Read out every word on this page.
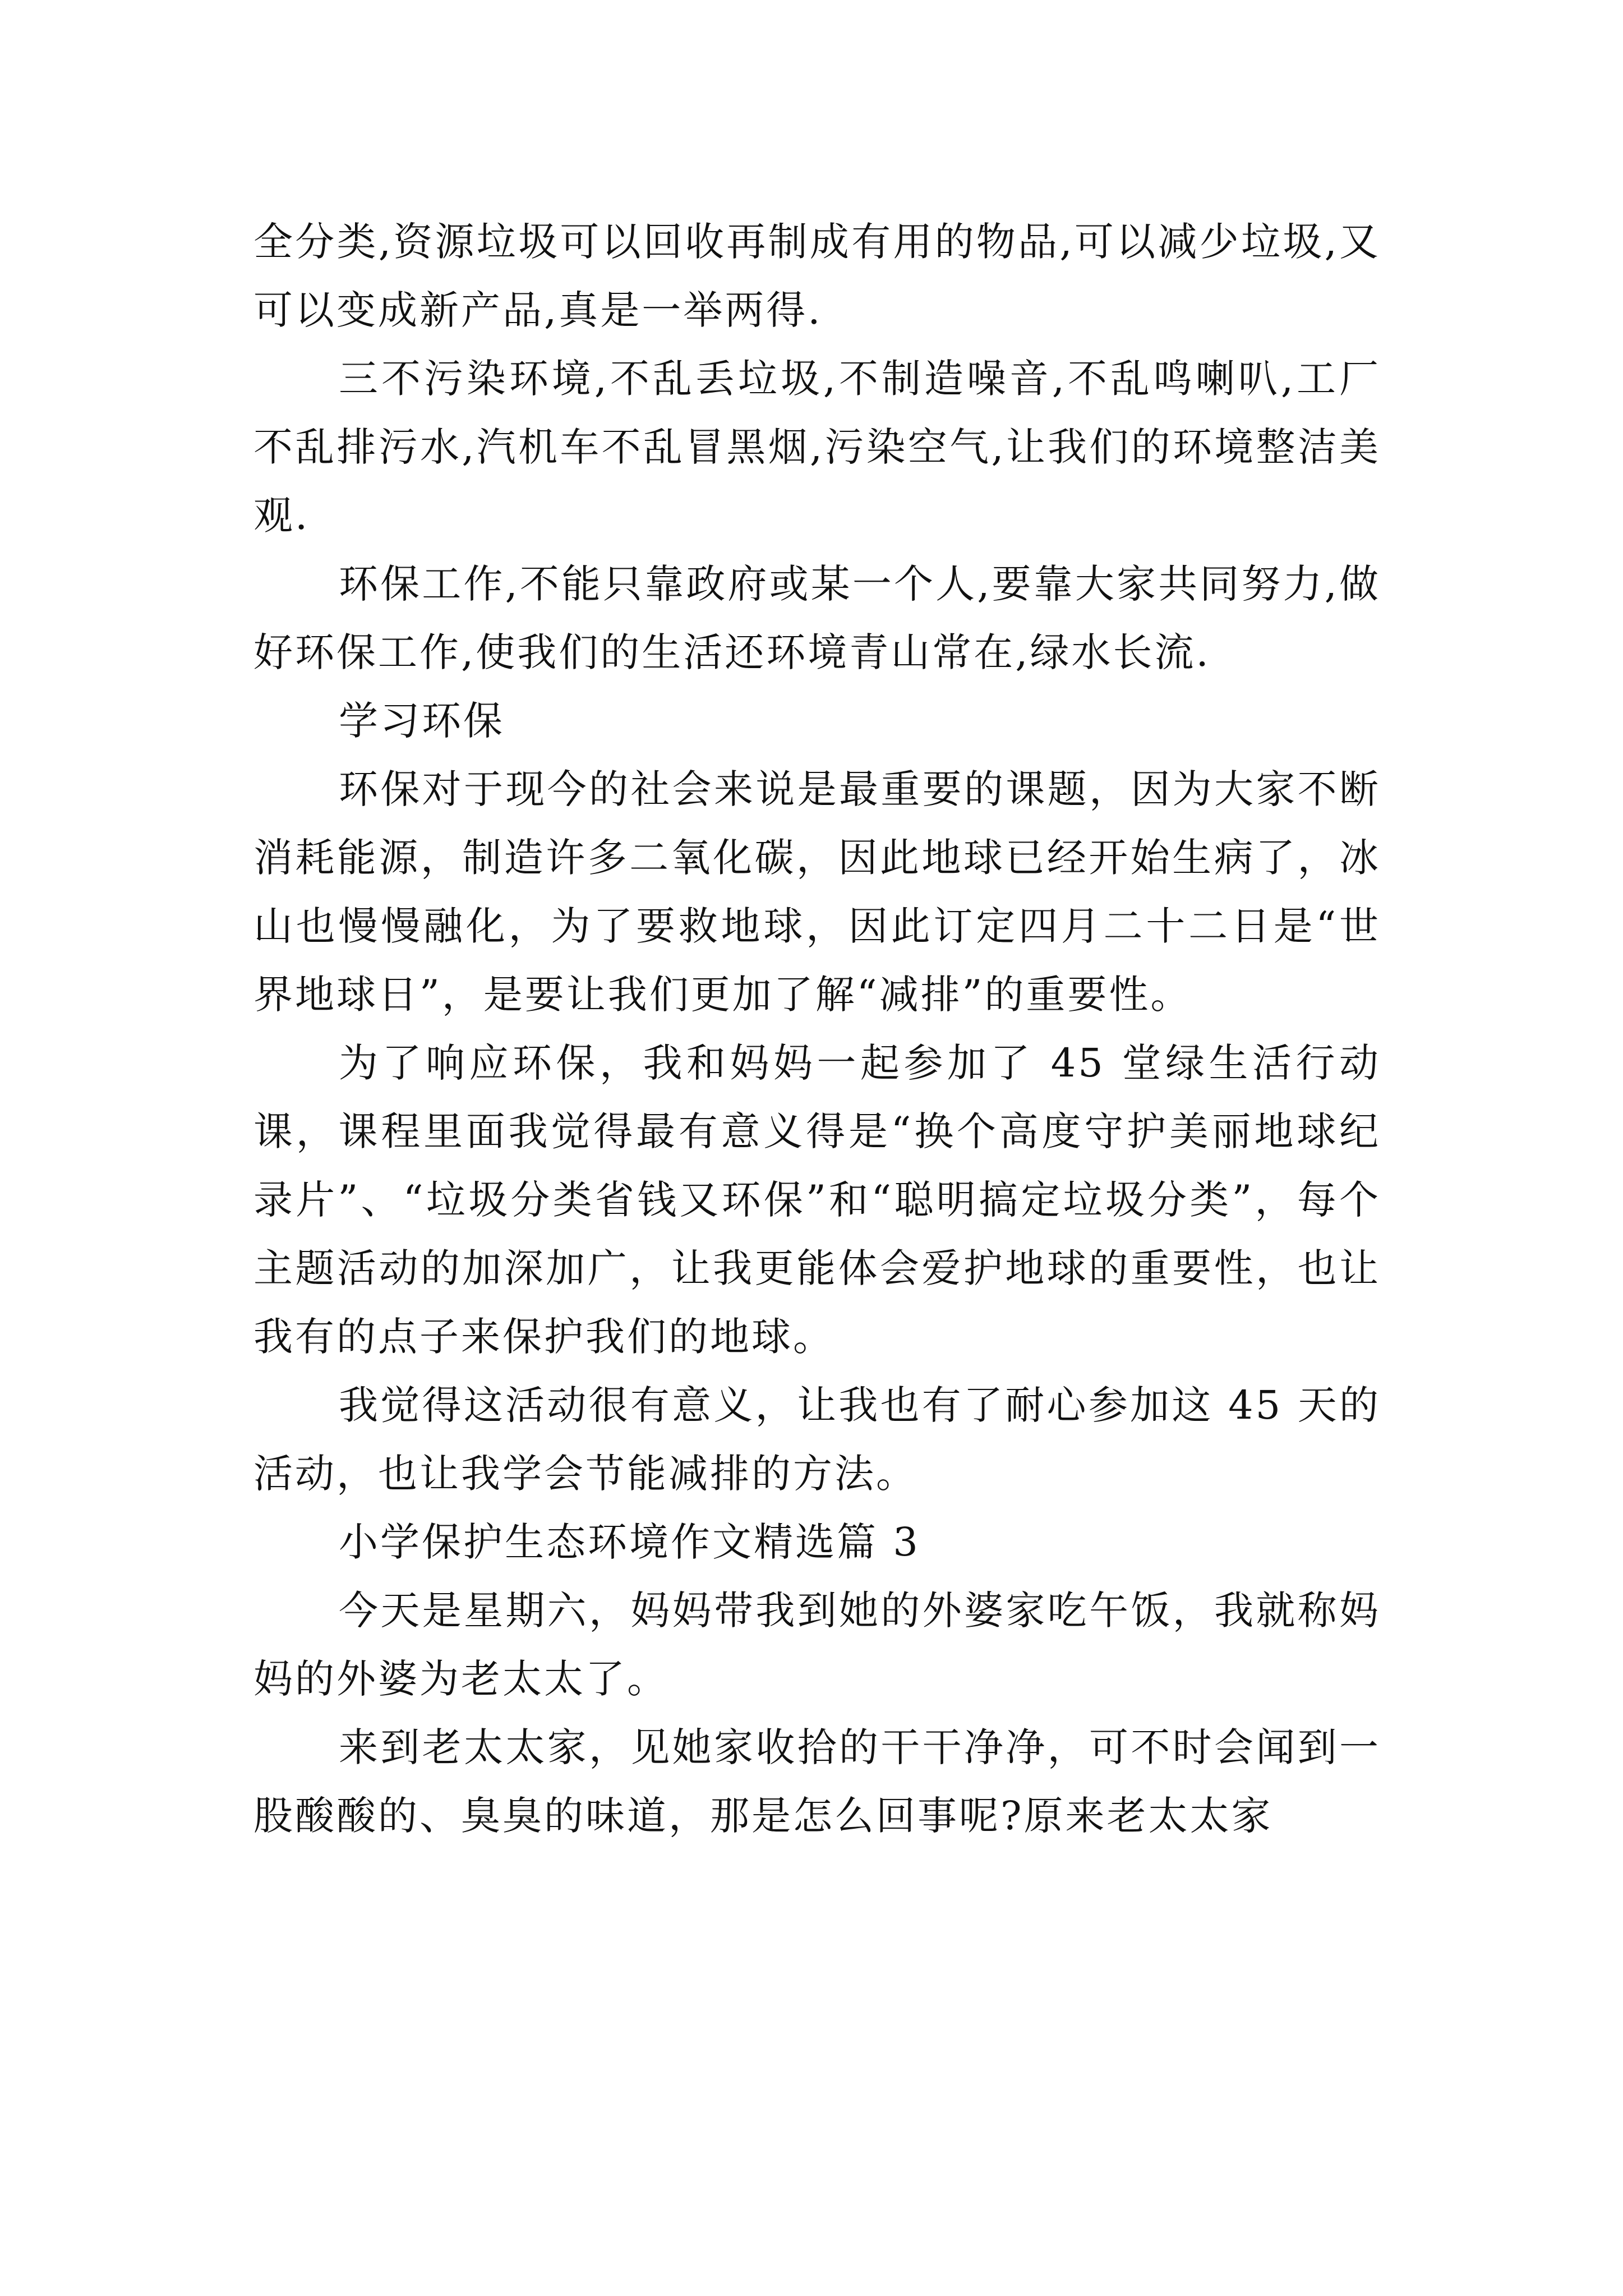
全分类,资源垃圾可以回收再制成有用的物品,可以减少垃圾,又可以变成新产品,真是一举两得.

三不污染环境,不乱丢垃圾,不制造噪音,不乱鸣喇叭,工厂不乱排污水,汽机车不乱冒黑烟,污染空气,让我们的环境整洁美观.

环保工作,不能只靠政府或某一个人,要靠大家共同努力,做好环保工作,使我们的生活还环境青山常在,绿水长流.

学习环保

环保对于现今的社会来说是最重要的课题，因为大家不断消耗能源，制造许多二氧化碳，因此地球已经开始生病了，冰山也慢慢融化，为了要救地球，因此订定四月二十二日是“世界地球日”，是要让我们更加了解“减排”的重要性。

为了响应环保，我和妈妈一起参加了 45 堂绿生活行动课，课程里面我觉得最有意义得是“换个高度守护美丽地球纪录片”、“垃圾分类省钱又环保”和“聪明搞定垃圾分类”，每个主题活动的加深加广，让我更能体会爱护地球的重要性，也让我有的点子来保护我们的地球。

我觉得这活动很有意义，让我也有了耐心参加这 45 天的活动，也让我学会节能减排的方法。

小学保护生态环境作文精选篇 3

今天是星期六，妈妈带我到她的外婆家吃午饭，我就称妈妈的外婆为老太太了。

来到老太太家，见她家收拾的干干净净，可不时会闻到一股酸酸的、臭臭的味道，那是怎么回事呢?原来老太太家
